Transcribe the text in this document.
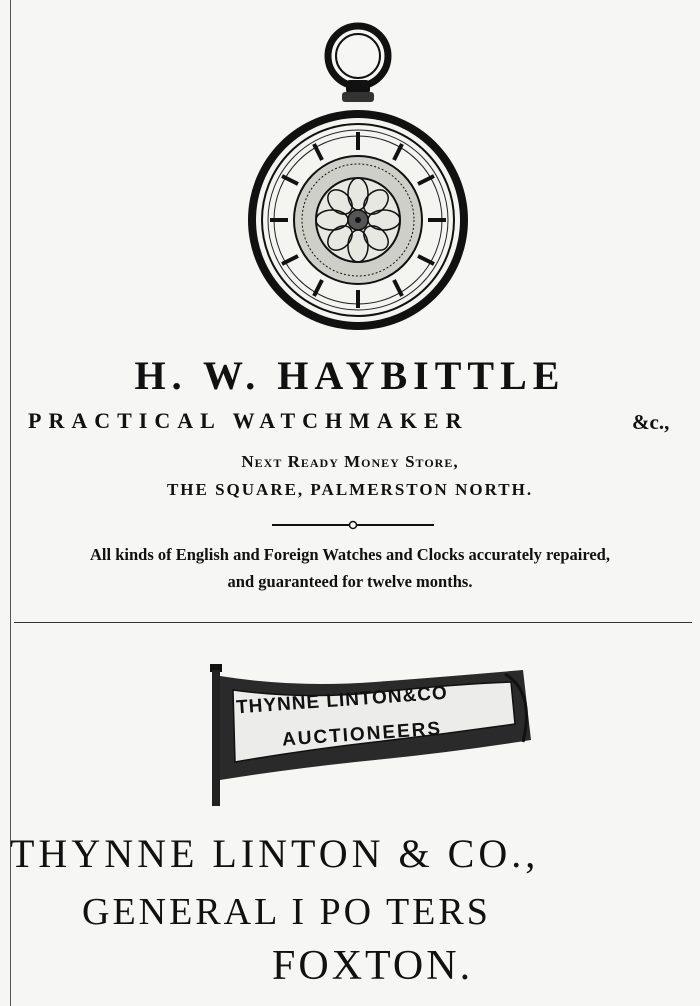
H. W. HAYBITTLE
PRACTICAL WATCHMAKER	&c.,
Next Ready Money Store,
THE SQUARE, PALMERSTON NORTH.
All kinds of English and Foreign Watches and Clocks accurately repaired,
and guaranteed for twelve months.
THYNNE LINTON&CO
AUCTIONEERS
THYNNE LINTON & CO.,
GENERAL I PO TERS
FOXTON.
